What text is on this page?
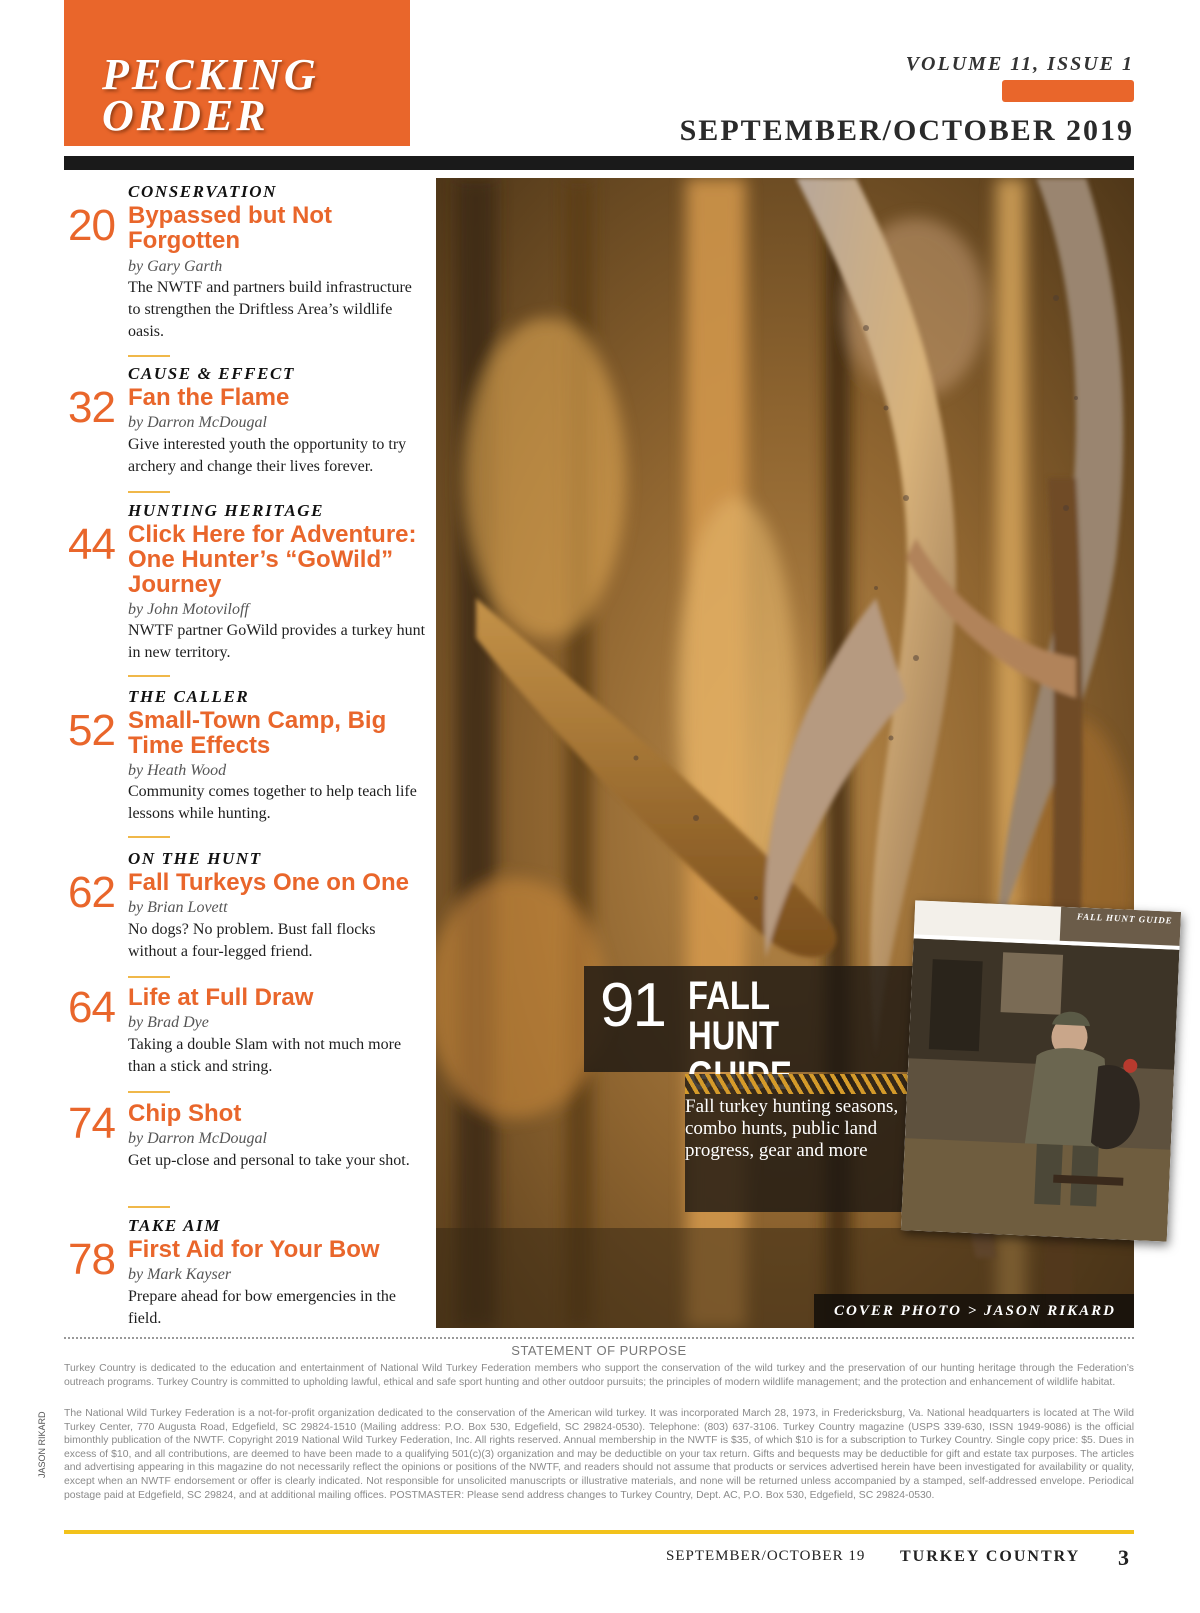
PECKING
ORDER
VOLUME 11, ISSUE 1
SEPTEMBER/OCTOBER 2019
CONSERVATION
20 Bypassed but Not Forgotten
by Gary Garth
The NWTF and partners build infrastructure to strengthen the Driftless Area’s wildlife oasis.
CAUSE & EFFECT
32 Fan the Flame
by Darron McDougal
Give interested youth the opportunity to try archery and change their lives forever.
HUNTING HERITAGE
44 Click Here for Adventure: One Hunter’s “GoWild” Journey
by John Motoviloff
NWTF partner GoWild provides a turkey hunt in new territory.
THE CALLER
52 Small-Town Camp, Big Time Effects
by Heath Wood
Community comes together to help teach life lessons while hunting.
ON THE HUNT
62 Fall Turkeys One on One
by Brian Lovett
No dogs? No problem. Bust fall flocks without a four-legged friend.
64 Life at Full Draw
by Brad Dye
Taking a double Slam with not much more than a stick and string.
74 Chip Shot
by Darron McDougal
Get up-close and personal to take your shot.
TAKE AIM
78 First Aid for Your Bow
by Mark Kayser
Prepare ahead for bow emergencies in the field.
91 FALL HUNT
Fall turkey hunting seasons, combo hunts, public land progress, gear and more
FALL HUNT GUIDE
COVER PHOTO > JASON RIKARD
STATEMENT OF PURPOSE
Turkey Country is dedicated to the education and entertainment of National Wild Turkey Federation members who support the conservation of the wild turkey and the preservation of our hunting heritage through the Federation’s outreach programs. Turkey Country is committed to upholding lawful, ethical and safe sport hunting and other outdoor pursuits; the principles of modern wildlife management; and the protection and enhancement of wildlife habitat.
The National Wild Turkey Federation is a not-for-profit organization dedicated to the conservation of the American wild turkey. It was incorporated March 28, 1973, in Fredericksburg, Va. National headquarters is located at The Wild Turkey Center, 770 Augusta Road, Edgefield, SC 29824-1510 (Mailing address: P.O. Box 530, Edgefield, SC 29824-0530). Telephone: (803) 637-3106. Turkey Country magazine (USPS 339-630, ISSN 1949-9086) is the official bimonthly publication of the NWTF. Copyright 2019 National Wild Turkey Federation, Inc. All rights reserved. Annual membership in the NWTF is $35, of which $10 is for a subscription to Turkey Country. Single copy price: $5. Dues in excess of $10, and all contributions, are deemed to have been made to a qualifying 501(c)(3) organization and may be deductible on your tax return. Gifts and bequests may be deductible for gift and estate tax purposes. The articles and advertising appearing in this magazine do not necessarily reflect the opinions or positions of the NWTF, and readers should not assume that products or services advertised herein have been investigated for availability or quality, except when an NWTF endorsement or offer is clearly indicated. Not responsible for unsolicited manuscripts or illustrative materials, and none will be returned unless accompanied by a stamped, self-addressed envelope. Periodical postage paid at Edgefield, SC 29824, and at additional mailing offices. POSTMASTER: Please send address changes to Turkey Country, Dept. AC, P.O. Box 530, Edgefield, SC 29824-0530.
JASON RIKARD
SEPTEMBER/OCTOBER 19 TURKEY COUNTRY 3
